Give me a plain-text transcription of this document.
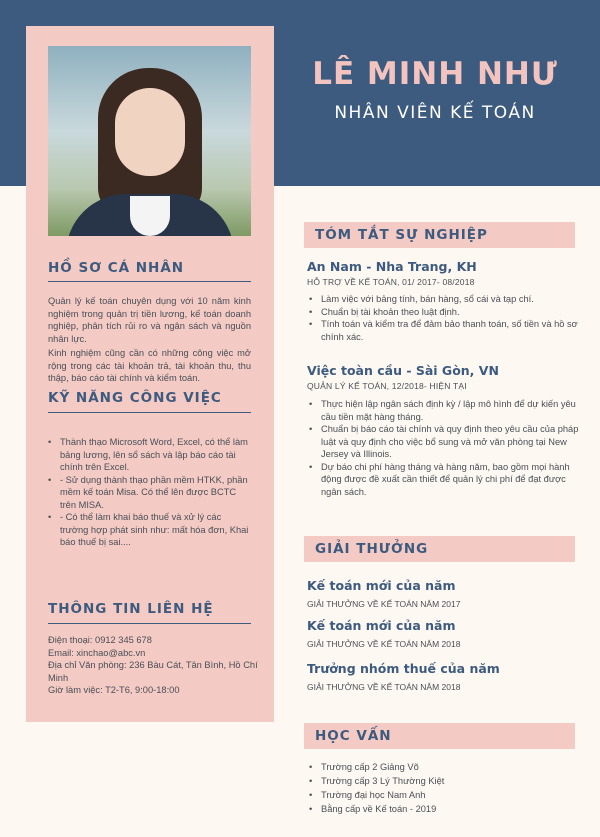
LÊ MINH NHƯ
NHÂN VIÊN KẾ TOÁN
HỒ SƠ CÁ NHÂN
Quản lý kế toán chuyên dụng với 10 năm kinh nghiệm trong quản trị tiền lương, kế toán doanh nghiệp, phân tích rủi ro và ngân sách và nguồn nhân lực.
Kinh nghiệm cũng cần có những công việc mở rộng trong các tài khoản trả, tài khoản thu, thu thập, báo cáo tài chính và kiểm toán.
KỸ NĂNG CÔNG VIỆC
• Thành thạo Microsoft Word, Excel, có thể làm bảng lương, lên sổ sách và lập báo cáo tài chính trên Excel.
• - Sử dụng thành thạo phần mềm HTKK, phần mềm kế toán Misa. Có thể lên được BCTC trên MISA.
• - Có thể làm khai báo thuế và xử lý các trường hợp phát sinh như: mất hóa đơn, Khai báo thuế bị sai....
THÔNG TIN LIÊN HỆ
Điện thoại: 0912 345 678
Email: xinchao@abc.vn
Địa chỉ Văn phòng: 236 Bàu Cát, Tân Bình, Hồ Chí Minh
Giờ làm việc: T2-T6, 9:00-18:00
TÓM TẮT SỰ NGHIỆP
An Nam - Nha Trang, KH
HỖ TRỢ VỀ KẾ TOÁN, 01/ 2017- 08/2018
• Làm việc với bảng tính, bán hàng, sổ cái và tạp chí.
• Chuẩn bị tài khoản theo luật định.
• Tính toán và kiểm tra để đảm bảo thanh toán, số tiền và hồ sơ chính xác.
Việc toàn cầu - Sài Gòn, VN
QUẢN LÝ KẾ TOÁN, 12/2018- HIỆN TẠI
• Thực hiện lập ngân sách định kỳ / lập mô hình để dự kiến yêu cầu tiền mặt hàng tháng.
• Chuẩn bị báo cáo tài chính và quy định theo yêu cầu của pháp luật và quy định cho việc bổ sung và mở văn phòng tại New Jersey và Illinois.
• Dự báo chi phí hàng tháng và hàng năm, bao gồm mọi hành động được đề xuất cần thiết để quản lý chi phí để đạt được ngân sách.
GIẢI THƯỞNG
Kế toán mới của năm
GIẢI THƯỞNG VỀ KẾ TOÁN NĂM 2017
Kế toán mới của năm
GIẢI THƯỞNG VỀ KẾ TOÁN NĂM 2018
Trưởng nhóm thuế của năm
GIẢI THƯỞNG VỀ KẾ TOÁN NĂM 2018
HỌC VẤN
• Trường cấp 2 Giảng Võ
• Trường cấp 3 Lý Thường Kiệt
• Trường đại học Nam Anh
• Bằng cấp về Kế toán - 2019
